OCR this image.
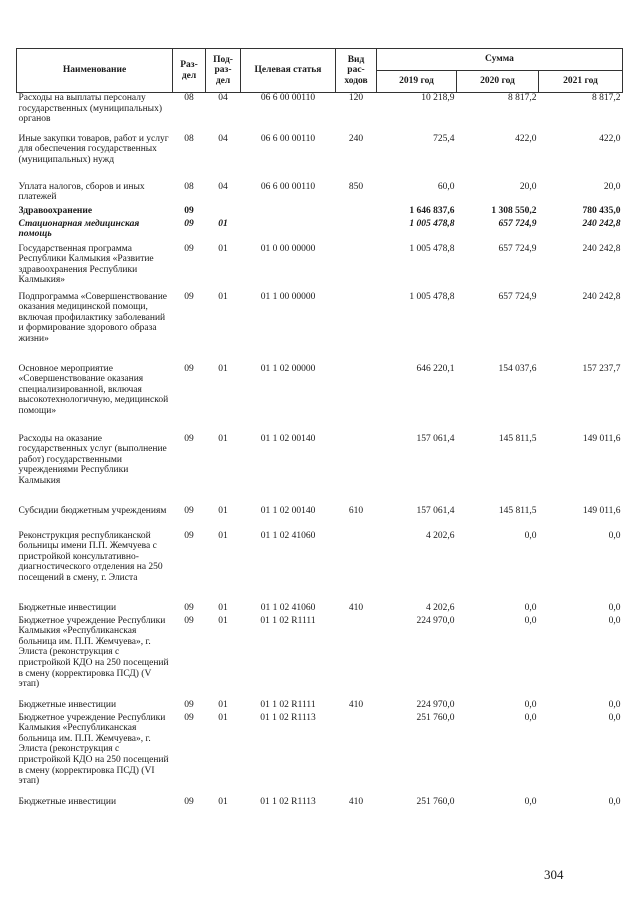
Наименование	Раз-дел	Под-раз-дел	Целевая статья	Вид рас-ходов	Сумма		
					2019 год	2020 год	2021 год
Расходы на выплаты персоналу государственных (муниципальных) органов	08	04	06 6 00 00110	120	10 218,9	8 817,2	8 817,2
Иные закупки товаров, работ и услуг для обеспечения государственных (муниципальных) нужд	08	04	06 6 00 00110	240	725,4	422,0	422,0
Уплата налогов, сборов и иных платежей	08	04	06 6 00 00110	850	60,0	20,0	20,0
Здравоохранение	09				1 646 837,6	1 308 550,2	780 435,0
Стационарная медицинская помощь	09	01			1 005 478,8	657 724,9	240 242,8
Государственная программа Республики Калмыкия «Развитие здравоохранения Республики Калмыкия»	09	01	01 0 00 00000		1 005 478,8	657 724,9	240 242,8
Подпрограмма «Совершенствование оказания медицинской помощи, включая профилактику заболеваний и формирование здорового образа жизни»	09	01	01 1 00 00000		1 005 478,8	657 724,9	240 242,8
Основное мероприятие «Совершенствование оказания специализированной, включая высокотехнологичную, медицинской помощи»	09	01	01 1 02 00000		646 220,1	154 037,6	157 237,7
Расходы на оказание государственных услуг (выполнение работ) государственными учреждениями Республики Калмыкия	09	01	01 1 02 00140		157 061,4	145 811,5	149 011,6
Субсидии бюджетным учреждениям	09	01	01 1 02 00140	610	157 061,4	145 811,5	149 011,6
Реконструкция республиканской больницы имени П.П. Жемчуева с пристройкой консультативно-диагностического отделения на 250 посещений в смену, г. Элиста	09	01	01 1 02 41060		4 202,6	0,0	0,0
Бюджетные инвестиции	09	01	01 1 02 41060	410	4 202,6	0,0	0,0
Бюджетное учреждение Республики Калмыкия «Республиканская больница им. П.П. Жемчуева», г. Элиста (реконструкция с пристройкой КДО на 250 посещений в смену (корректировка ПСД) (V этап)	09	01	01 1 02 R1111		224 970,0	0,0	0,0
Бюджетные инвестиции	09	01	01 1 02 R1111	410	224 970,0	0,0	0,0
Бюджетное учреждение Республики Калмыкия «Республиканская больница им. П.П. Жемчуева», г. Элиста (реконструкция с пристройкой КДО на 250 посещений в смену (корректировка ПСД) (VI этап)	09	01	01 1 02 R1113		251 760,0	0,0	0,0
Бюджетные инвестиции	09	01	01 1 02 R1113	410	251 760,0	0,0	0,0
304
